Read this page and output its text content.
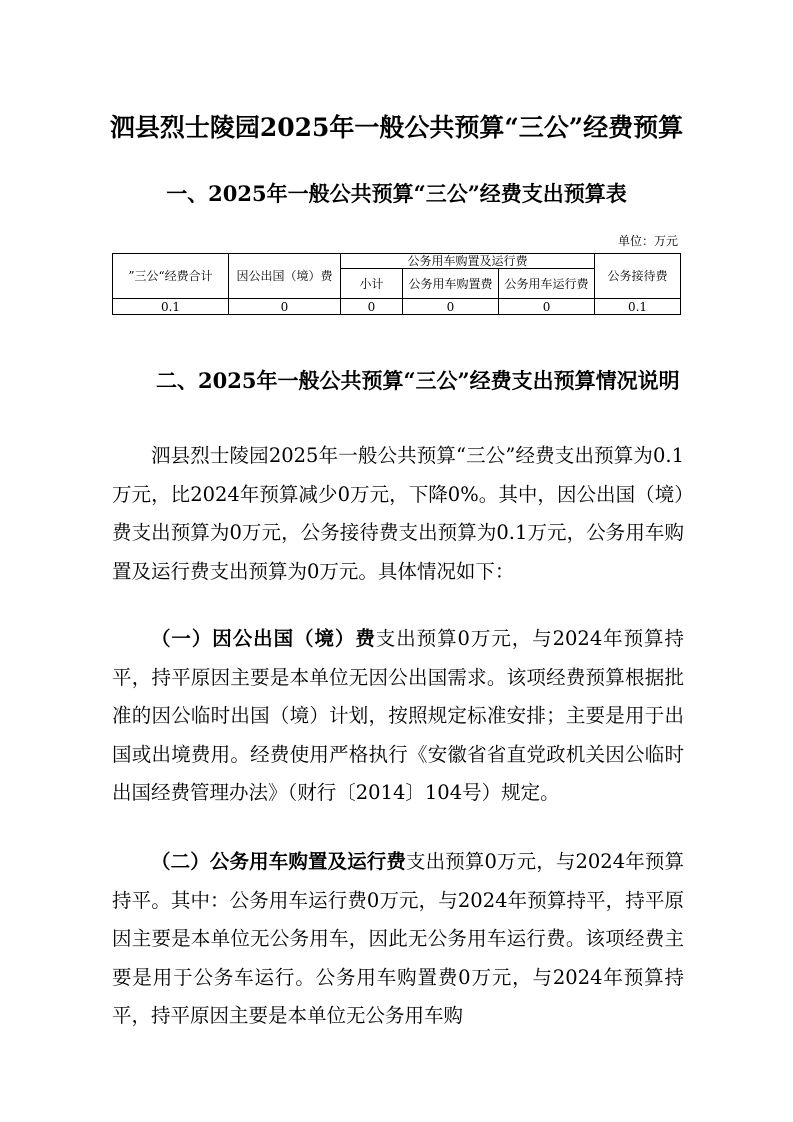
泗县烈士陵园2025年一般公共预算“三公”经费预算
一、2025年一般公共预算“三公”经费支出预算表
单位：万元
”三公“经费合计	因公出国（境）费	公务用车购置及运行费			公务接待费
		小计	公务用车购置费	公务用车运行费	
0.1	0	0	0	0	0.1
二、2025年一般公共预算“三公”经费支出预算情况说明
泗县烈士陵园2025年一般公共预算“三公”经费支出预算为0.1万元，比2024年预算减少0万元，下降0%。其中，因公出国（境）费支出预算为0万元，公务接待费支出预算为0.1万元，公务用车购置及运行费支出预算为0万元。具体情况如下：
（一）因公出国（境）费支出预算0万元，与2024年预算持平，持平原因主要是本单位无因公出国需求。该项经费预算根据批准的因公临时出国（境）计划，按照规定标准安排；主要是用于出国或出境费用。经费使用严格执行《安徽省省直党政机关因公临时出国经费管理办法》（财行〔2014〕104号）规定。
（二）公务用车购置及运行费支出预算0万元，与2024年预算持平。其中：公务用车运行费0万元，与2024年预算持平，持平原因主要是本单位无公务用车，因此无公务用车运行费。该项经费主要是用于公务车运行。公务用车购置费0万元，与2024年预算持平，持平原因主要是本单位无公务用车购
